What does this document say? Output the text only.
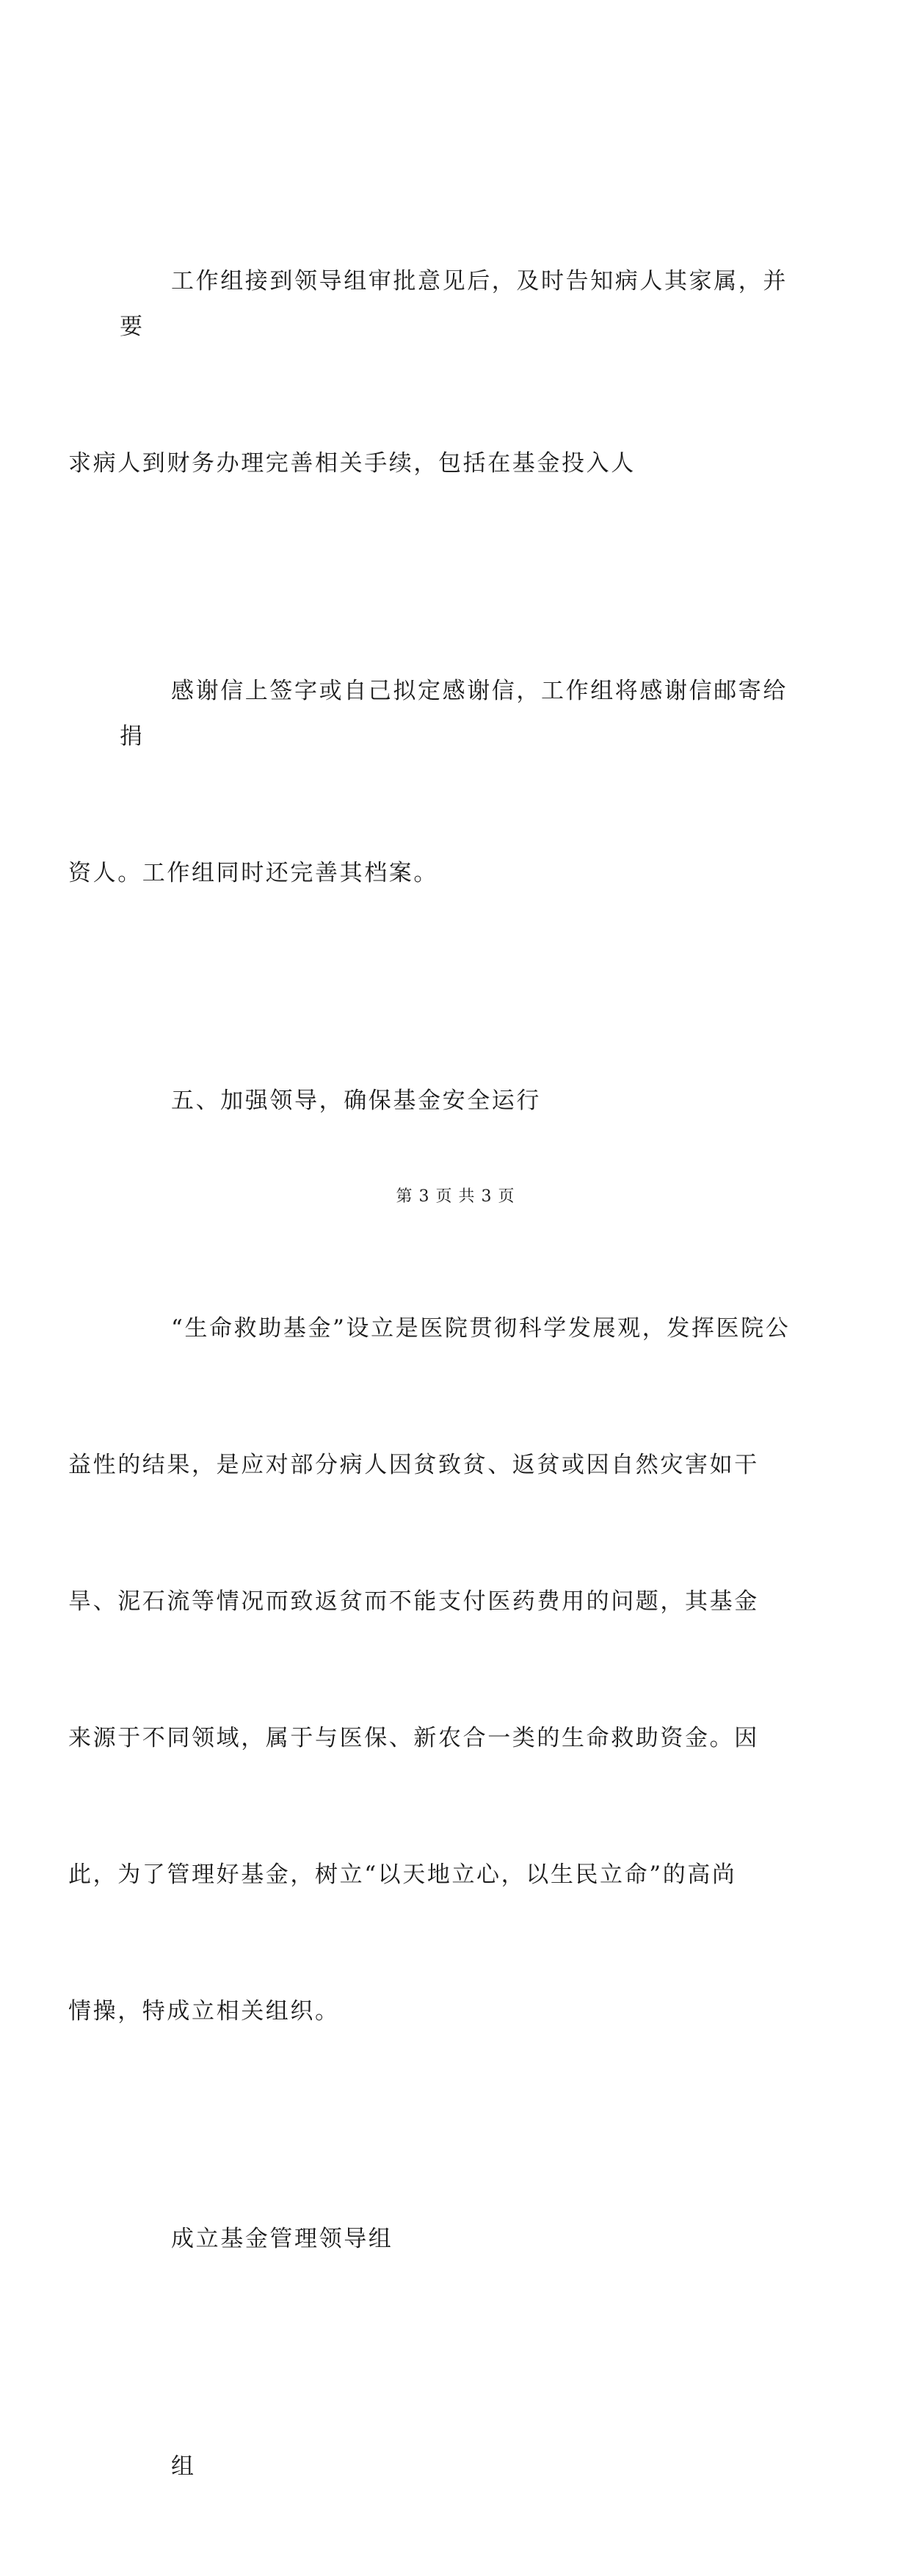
工作组接到领导组审批意见后，及时告知病人其家属，并要

求病人到财务办理完善相关手续，包括在基金投入人

感谢信上签字或自己拟定感谢信，工作组将感谢信邮寄给捐

资人。工作组同时还完善其档案。

五、加强领导，确保基金安全运行

“生命救助基金”设立是医院贯彻科学发展观，发挥医院公

益性的结果，是应对部分病人因贫致贫、返贫或因自然灾害如干

旱、泥石流等情况而致返贫而不能支付医药费用的问题，其基金

来源于不同领域，属于与医保、新农合一类的生命救助资金。因

此，为了管理好基金，树立“以天地立心，以生民立命”的高尚

情操，特成立相关组织。

成立基金管理领导组

组

第 3 页 共 3 页
